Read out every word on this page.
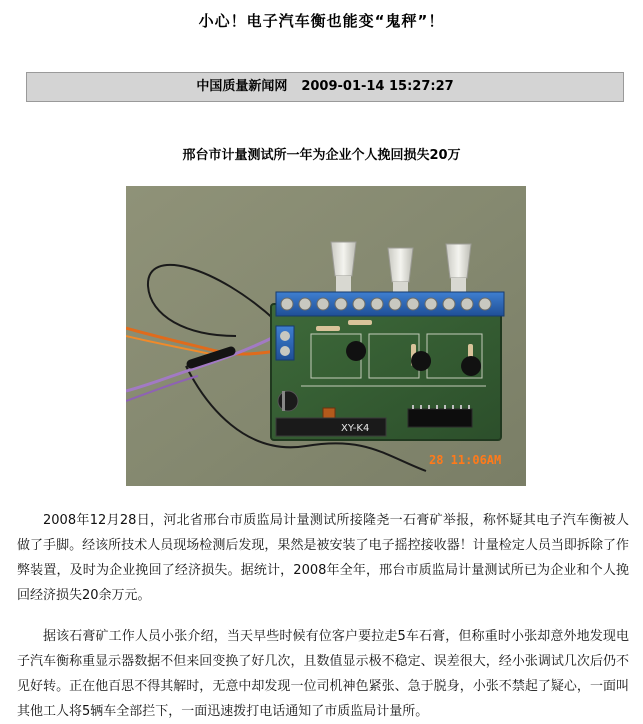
小心！电子汽车衡也能变“鬼秤”！
中国质量新闻网 2009-01-14 15:27:27
邢台市计量测试所一年为企业个人挽回损失20万
XY-K4
28 11:06AM

2008年12月28日，河北省邢台市质监局计量测试所接隆尧一石膏矿举报，称怀疑其电子汽车衡被人做了手脚。经该所技术人员现场检测后发现，果然是被安装了电子摇控接收器！计量检定人员当即拆除了作弊装置，及时为企业挽回了经济损失。据统计，2008年全年，邢台市质监局计量测试所已为企业和个人挽回经济损失20余万元。

据该石膏矿工作人员小张介绍，当天早些时候有位客户要拉走5车石膏，但称重时小张却意外地发现电子汽车衡称重显示器数据不但来回变换了好几次，且数值显示极不稳定、误差很大，经小张调试几次后仍不见好转。正在他百思不得其解时，无意中却发现一位司机神色紧张、急于脱身，小张不禁起了疑心，一面叫其他工人将5辆车全部拦下，一面迅速拨打电话通知了市质监局计量所。
